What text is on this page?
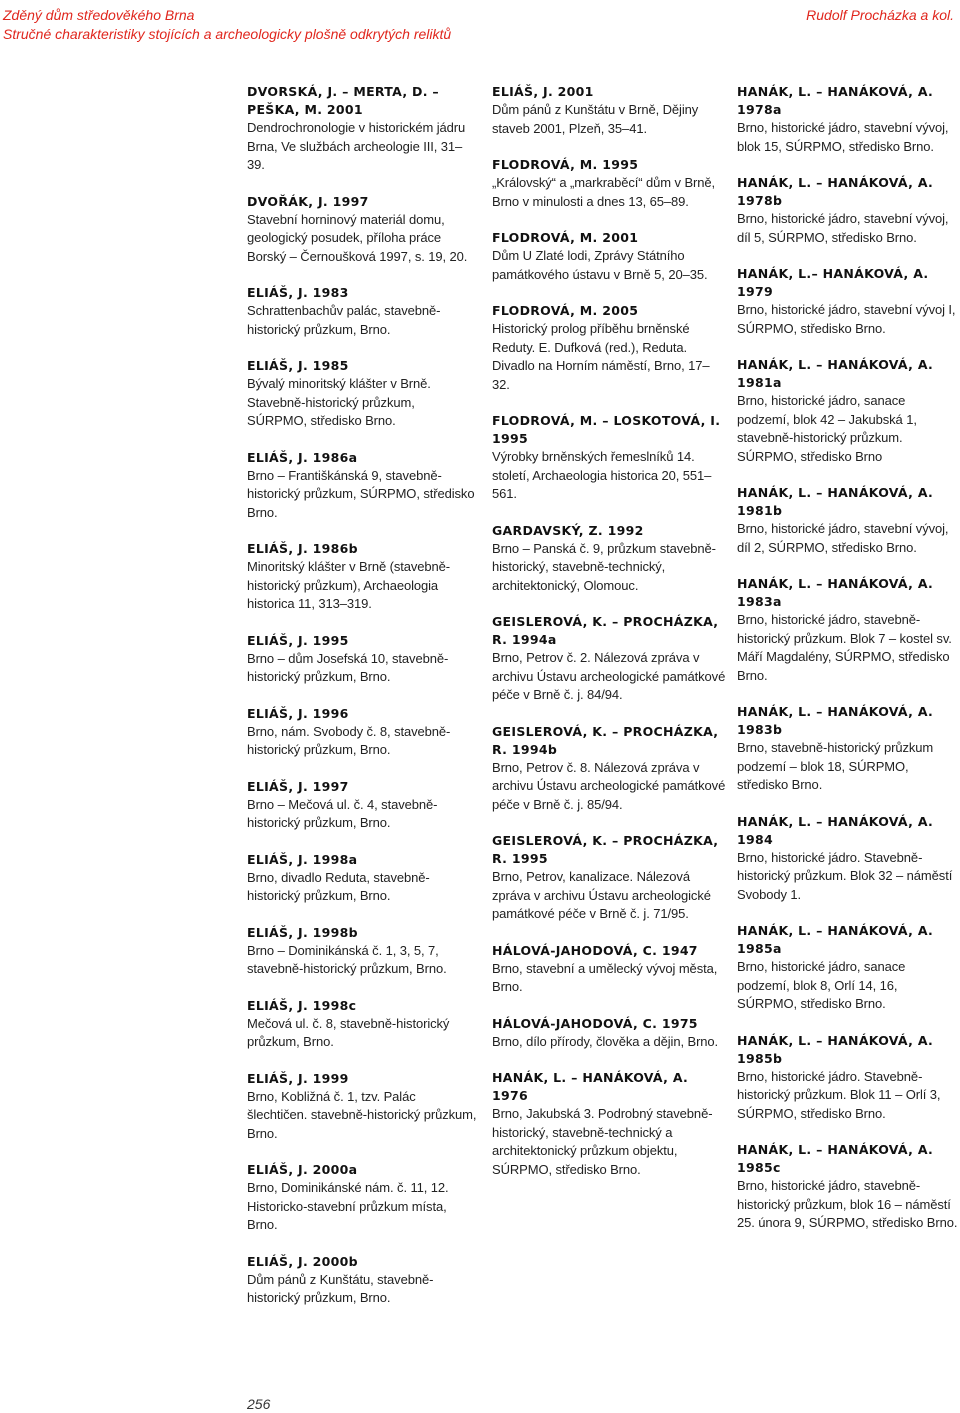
Zděný dům středověkého Brna
Stručné charakteristiky stojících a archeologicky plošně odkrytých reliktů
Rudolf Procházka a kol.
DVORSKÁ, J. – MERTA, D. – PEŠKA, M. 2001
Dendrochronologie v historickém jádru Brna, Ve službách archeologie III, 31–39.
DVOŘÁK, J. 1997
Stavební horninový materiál domu, geologický posudek, příloha práce Borský – Černoušková 1997, s. 19, 20.
ELIÁŠ, J. 1983
Schrattenbachův palác, stavebně-historický průzkum, Brno.
ELIÁŠ, J. 1985
Bývalý minoritský klášter v Brně. Stavebně-historický průzkum, SÚRPMO, středisko Brno.
ELIÁŠ, J. 1986a
Brno – Františkánská 9, stavebně-historický průzkum, SÚRPMO, středisko Brno.
ELIÁŠ, J. 1986b
Minoritský klášter v Brně (stavebně-historický průzkum), Archaeologia historica 11, 313–319.
ELIÁŠ, J. 1995
Brno – dům Josefská 10, stavebně-historický průzkum, Brno.
ELIÁŠ, J. 1996
Brno, nám. Svobody č. 8, stavebně-historický průzkum, Brno.
ELIÁŠ, J. 1997
Brno – Mečová ul. č. 4, stavebně-historický průzkum, Brno.
ELIÁŠ, J. 1998a
Brno, divadlo Reduta, stavebně-historický průzkum, Brno.
ELIÁŠ, J. 1998b
Brno – Dominikánská č. 1, 3, 5, 7, stavebně-historický průzkum, Brno.
ELIÁŠ, J. 1998c
Mečová ul. č. 8, stavebně-historický průzkum, Brno.
ELIÁŠ, J. 1999
Brno, Kobližná č. 1, tzv. Palác šlechtičen. stavebně-historický průzkum, Brno.
ELIÁŠ, J. 2000a
Brno, Dominikánské nám. č. 11, 12. Historicko-stavební průzkum místa, Brno.
ELIÁŠ, J. 2000b
Dům pánů z Kunštátu, stavebně-historický průzkum, Brno.
ELIÁŠ, J. 2001
Dům pánů z Kunštátu v Brně, Dějiny staveb 2001, Plzeň, 35–41.
FLODROVÁ, M. 1995
„Královský“ a „markraběcí“ dům v Brně, Brno v minulosti a dnes 13, 65–89.
FLODROVÁ, M. 2001
Dům U Zlaté lodi, Zprávy Státního památkového ústavu v Brně 5, 20–35.
FLODROVÁ, M. 2005
Historický prolog příběhu brněnské Reduty. E. Dufková (red.), Reduta. Divadlo na Horním náměstí, Brno, 17–32.
FLODROVÁ, M. – LOSKOTOVÁ, I. 1995
Výrobky brněnských řemeslníků 14. století, Archaeologia historica 20, 551–561.
GARDAVSKÝ, Z. 1992
Brno – Panská č. 9, průzkum stavebně-historický, stavebně-technický, architektonický, Olomouc.
GEISLEROVÁ, K. – PROCHÁZKA, R. 1994a
Brno, Petrov č. 2. Nálezová zpráva v archivu Ústavu archeologické památkové péče v Brně č. j. 84/94.
GEISLEROVÁ, K. – PROCHÁZKA, R. 1994b
Brno, Petrov č. 8. Nálezová zpráva v archivu Ústavu archeologické památkové péče v Brně č. j. 85/94.
GEISLEROVÁ, K. – PROCHÁZKA, R. 1995
Brno, Petrov, kanalizace. Nálezová zpráva v archivu Ústavu archeologické památkové péče v Brně č. j. 71/95.
HÁLOVÁ-JAHODOVÁ, C. 1947
Brno, stavební a umělecký vývoj města, Brno.
HÁLOVÁ-JAHODOVÁ, C. 1975
Brno, dílo přírody, člověka a dějin, Brno.
HANÁK, L. – HANÁKOVÁ, A. 1976
Brno, Jakubská 3. Podrobný stavebně-historický, stavebně-technický a architektonický průzkum objektu, SÚRPMO, středisko Brno.
HANÁK, L. – HANÁKOVÁ, A. 1978a
Brno, historické jádro, stavební vývoj, blok 15, SÚRPMO, středisko Brno.
HANÁK, L. – HANÁKOVÁ, A. 1978b
Brno, historické jádro, stavební vývoj, díl 5, SÚRPMO, středisko Brno.
HANÁK, L.– HANÁKOVÁ, A. 1979
Brno, historické jádro, stavební vývoj I, SÚRPMO, středisko Brno.
HANÁK, L. – HANÁKOVÁ, A. 1981a
Brno, historické jádro, sanace podzemí, blok 42 – Jakubská 1, stavebně-historický průzkum. SÚRPMO, středisko Brno
HANÁK, L. – HANÁKOVÁ, A. 1981b
Brno, historické jádro, stavební vývoj, díl 2, SÚRPMO, středisko Brno.
HANÁK, L. – HANÁKOVÁ, A. 1983a
Brno, historické jádro, stavebně-historický průzkum. Blok 7 – kostel sv. Máří Magdalény, SÚRPMO, středisko Brno.
HANÁK, L. – HANÁKOVÁ, A. 1983b
Brno, stavebně-historický průzkum podzemí – blok 18, SÚRPMO, středisko Brno.
HANÁK, L. – HANÁKOVÁ, A. 1984
Brno, historické jádro. Stavebně-historický průzkum. Blok 32 – náměstí Svobody 1.
HANÁK, L. – HANÁKOVÁ, A. 1985a
Brno, historické jádro, sanace podzemí, blok 8, Orlí 14, 16, SÚRPMO, středisko Brno.
HANÁK, L. – HANÁKOVÁ, A. 1985b
Brno, historické jádro. Stavebně-historický průzkum. Blok 11 – Orlí 3, SÚRPMO, středisko Brno.
HANÁK, L. – HANÁKOVÁ, A. 1985c
Brno, historické jádro, stavebně-historický průzkum, blok 16 – náměstí 25. února 9, SÚRPMO, středisko Brno.
256
